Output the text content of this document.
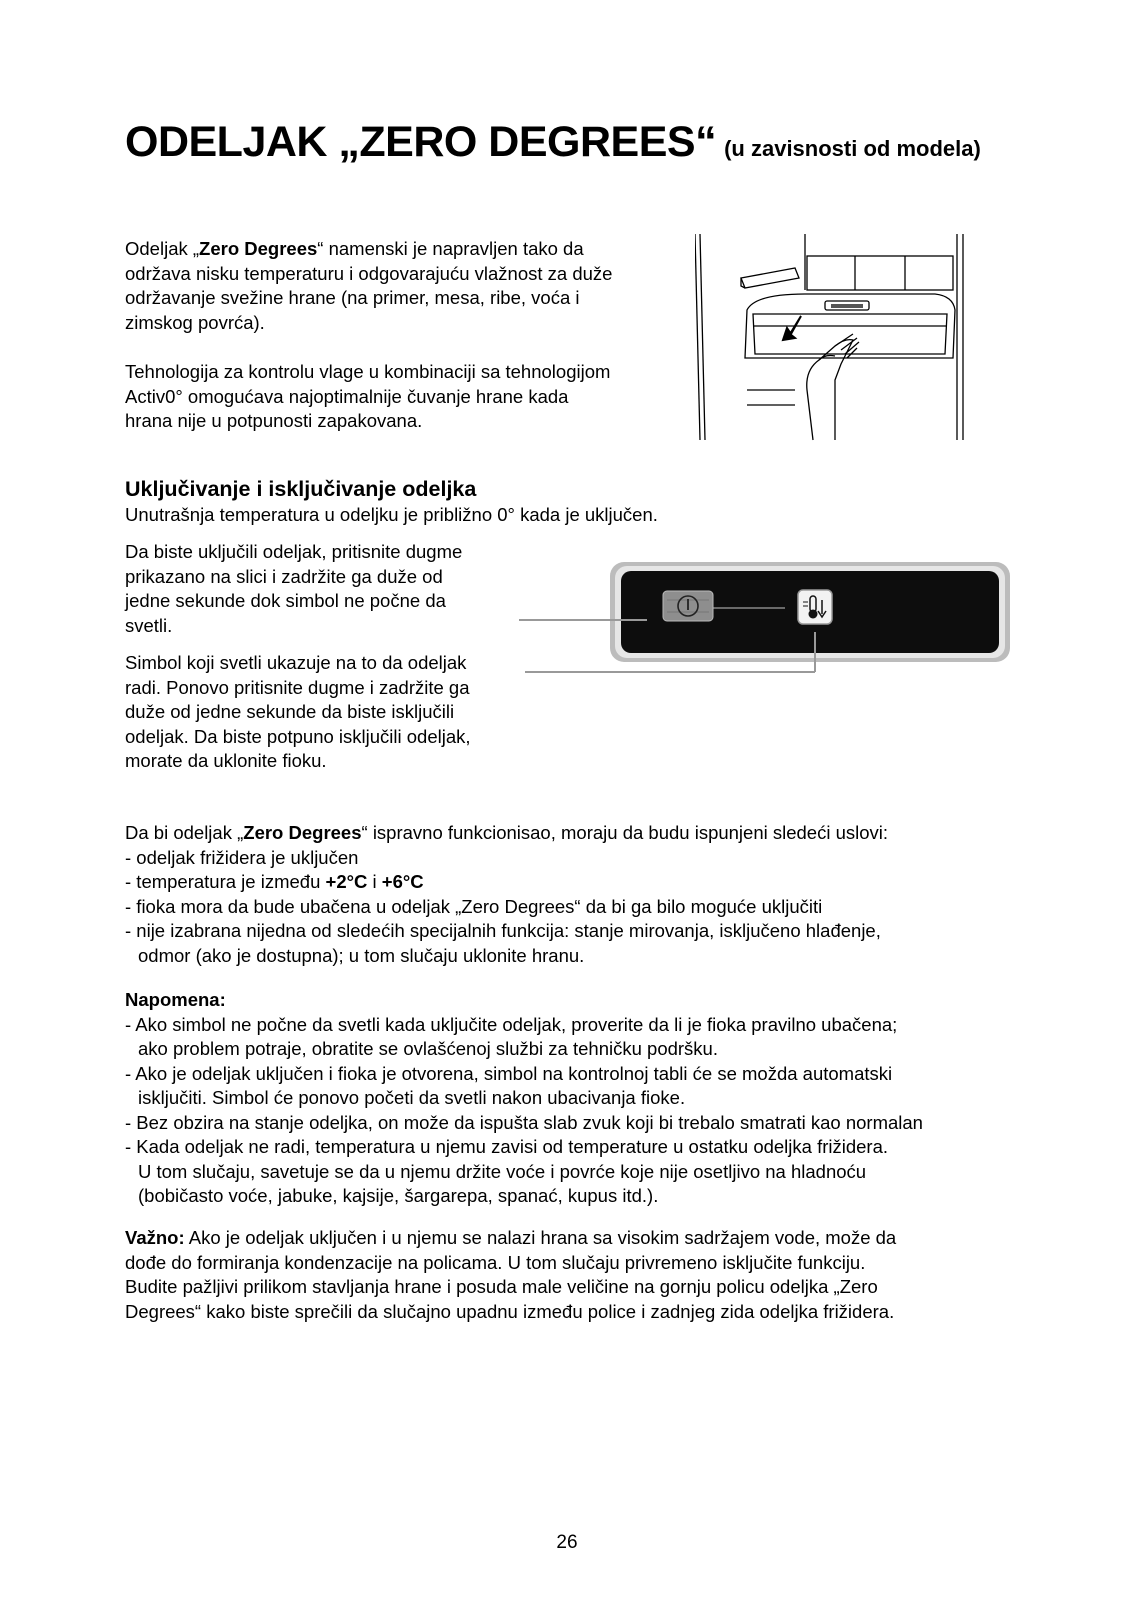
ODELJAK „ZERO DEGREES“ (u zavisnosti od modela)
Odeljak „Zero Degrees“ namenski je napravljen tako da
održava nisku temperaturu i odgovarajuću vlažnost za duže
održavanje svežine hrane (na primer, mesa, ribe, voća i
zimskog povrća).
Tehnologija za kontrolu vlage u kombinaciji sa tehnologijom
Activ0° omogućava najoptimalnije čuvanje hrane kada
hrana nije u potpunosti zapakovana.
Uključivanje i isključivanje odeljka
Unutrašnja temperatura u odeljku je približno 0° kada je uključen.
Da biste uključili odeljak, pritisnite dugme
prikazano na slici i zadržite ga duže od
jedne sekunde dok simbol ne počne da
svetli.
Simbol koji svetli ukazuje na to da odeljak
radi. Ponovo pritisnite dugme i zadržite ga
duže od jedne sekunde da biste isključili
odeljak. Da biste potpuno isključili odeljak,
morate da uklonite fioku.
Da bi odeljak „Zero Degrees“ ispravno funkcionisao, moraju da budu ispunjeni sledeći uslovi:
- odeljak frižidera je uključen
- temperatura je između +2°C i +6°C
- fioka mora da bude ubačena u odeljak „Zero Degrees“ da bi ga bilo moguće uključiti
- nije izabrana nijedna od sledećih specijalnih funkcija: stanje mirovanja, isključeno hlađenje,
odmor (ako je dostupna); u tom slučaju uklonite hranu.
Napomena:
- Ako simbol ne počne da svetli kada uključite odeljak, proverite da li je fioka pravilno ubačena;
ako problem potraje, obratite se ovlašćenoj službi za tehničku podršku.
- Ako je odeljak uključen i fioka je otvorena, simbol na kontrolnoj tabli će se možda automatski
isključiti. Simbol će ponovo početi da svetli nakon ubacivanja fioke.
- Bez obzira na stanje odeljka, on može da ispušta slab zvuk koji bi trebalo smatrati kao normalan
- Kada odeljak ne radi, temperatura u njemu zavisi od temperature u ostatku odeljka frižidera.
U tom slučaju, savetuje se da u njemu držite voće i povrće koje nije osetljivo na hladnoću
(bobičasto voće, jabuke, kajsije, šargarepa, spanać, kupus itd.).
Važno: Ako je odeljak uključen i u njemu se nalazi hrana sa visokim sadržajem vode, može da
dođe do formiranja kondenzacije na policama. U tom slučaju privremeno isključite funkciju.
Budite pažljivi prilikom stavljanja hrane i posuda male veličine na gornju policu odeljka „Zero
Degrees“ kako biste sprečili da slučajno upadnu između police i zadnjeg zida odeljka frižidera.
26
